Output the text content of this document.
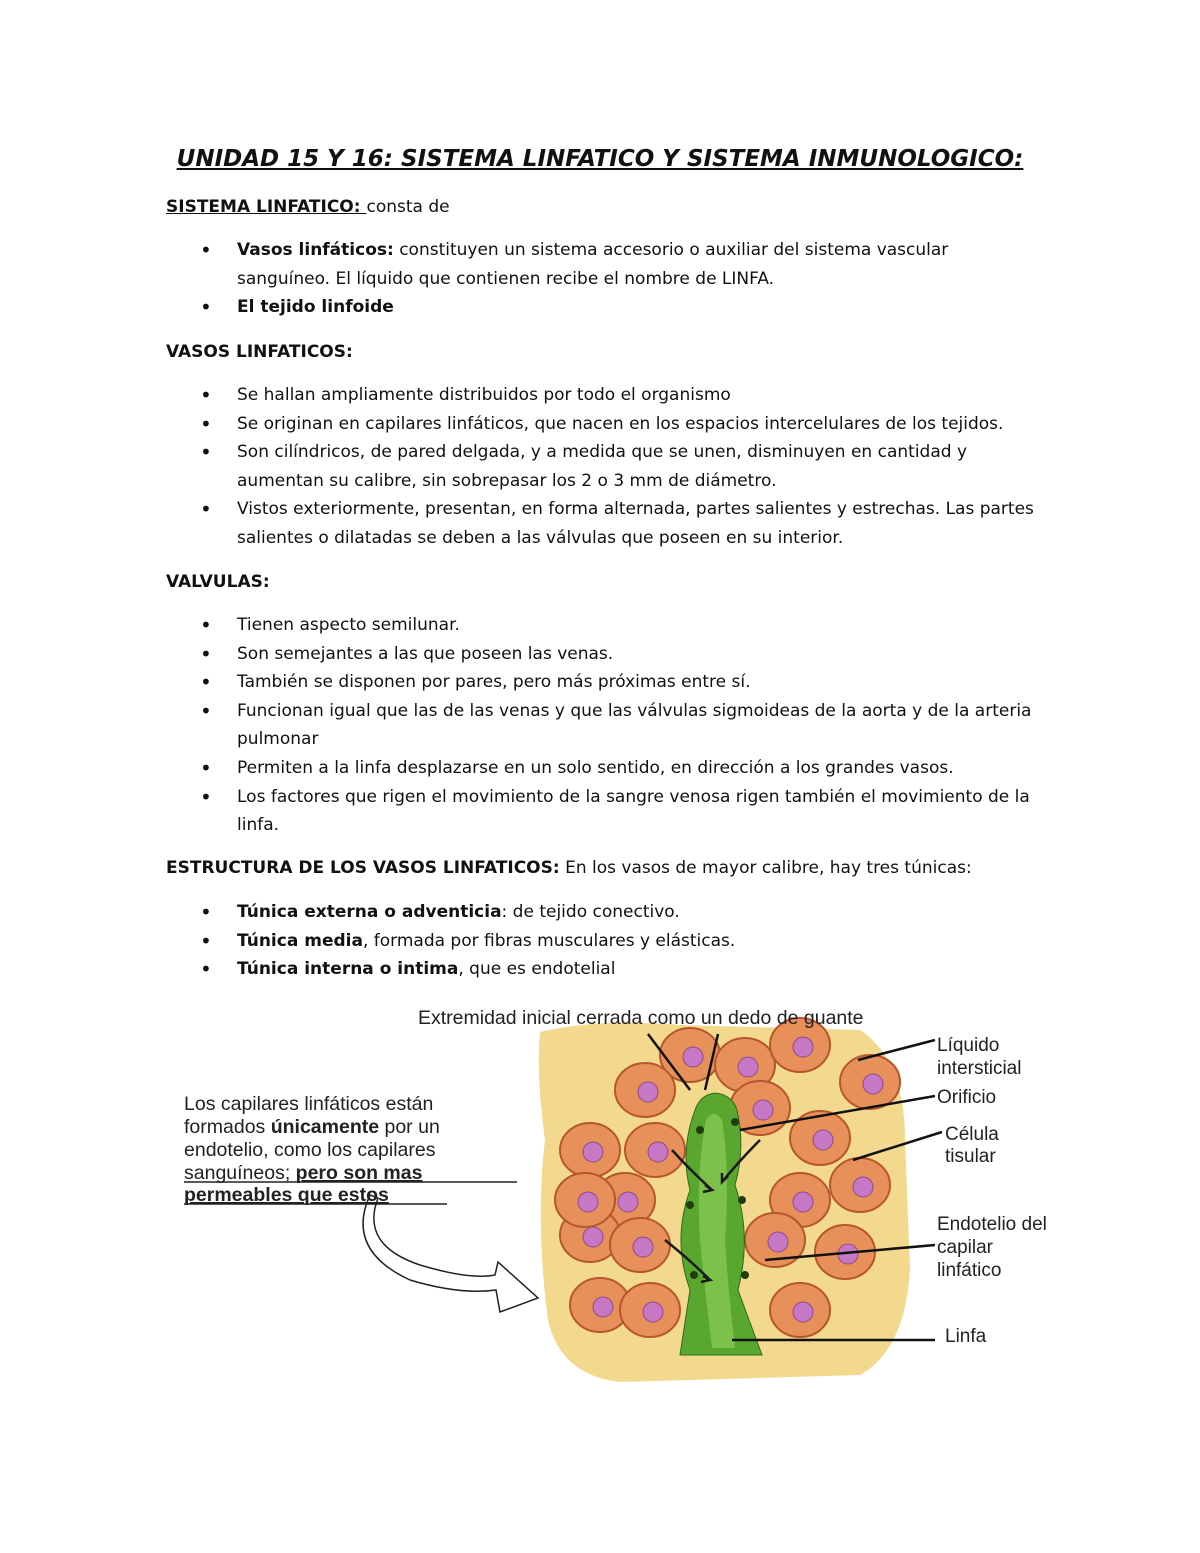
UNIDAD 15 Y 16: SISTEMA LINFATICO Y SISTEMA INMUNOLOGICO:

SISTEMA LINFATICO: consta de

• Vasos linfáticos: constituyen un sistema accesorio o auxiliar del sistema vascular sanguíneo. El líquido que contienen recibe el nombre de LINFA.
• El tejido linfoide

VASOS LINFATICOS:

• Se hallan ampliamente distribuidos por todo el organismo
• Se originan en capilares linfáticos, que nacen en los espacios intercelulares de los tejidos.
• Son cilíndricos, de pared delgada, y a medida que se unen, disminuyen en cantidad y aumentan su calibre, sin sobrepasar los 2 o 3 mm de diámetro.
• Vistos exteriormente, presentan, en forma alternada, partes salientes y estrechas. Las partes salientes o dilatadas se deben a las válvulas que poseen en su interior.

VALVULAS:

• Tienen aspecto semilunar.
• Son semejantes a las que poseen las venas.
• También se disponen por pares, pero más próximas entre sí.
• Funcionan igual que las de las venas y que las válvulas sigmoideas de la aorta y de la arteria pulmonar
• Permiten a la linfa desplazarse en un solo sentido, en dirección a los grandes vasos.
• Los factores que rigen el movimiento de la sangre venosa rigen también el movimiento de la linfa.

ESTRUCTURA DE LOS VASOS LINFATICOS: En los vasos de mayor calibre, hay tres túnicas:

• Túnica externa o adventicia: de tejido conectivo.
• Túnica media, formada por fibras musculares y elásticas.
• Túnica interna o intima, que es endotelial
Extremidad inicial cerrada como un dedo de guante
Los capilares linfáticos están
formados únicamente por un
endotelio, como los capilares
sanguíneos; pero son mas
permeables que estos
Líquido
intersticial
Orificio
Célula
tisular
Endotelio del
capilar
linfático
Linfa
